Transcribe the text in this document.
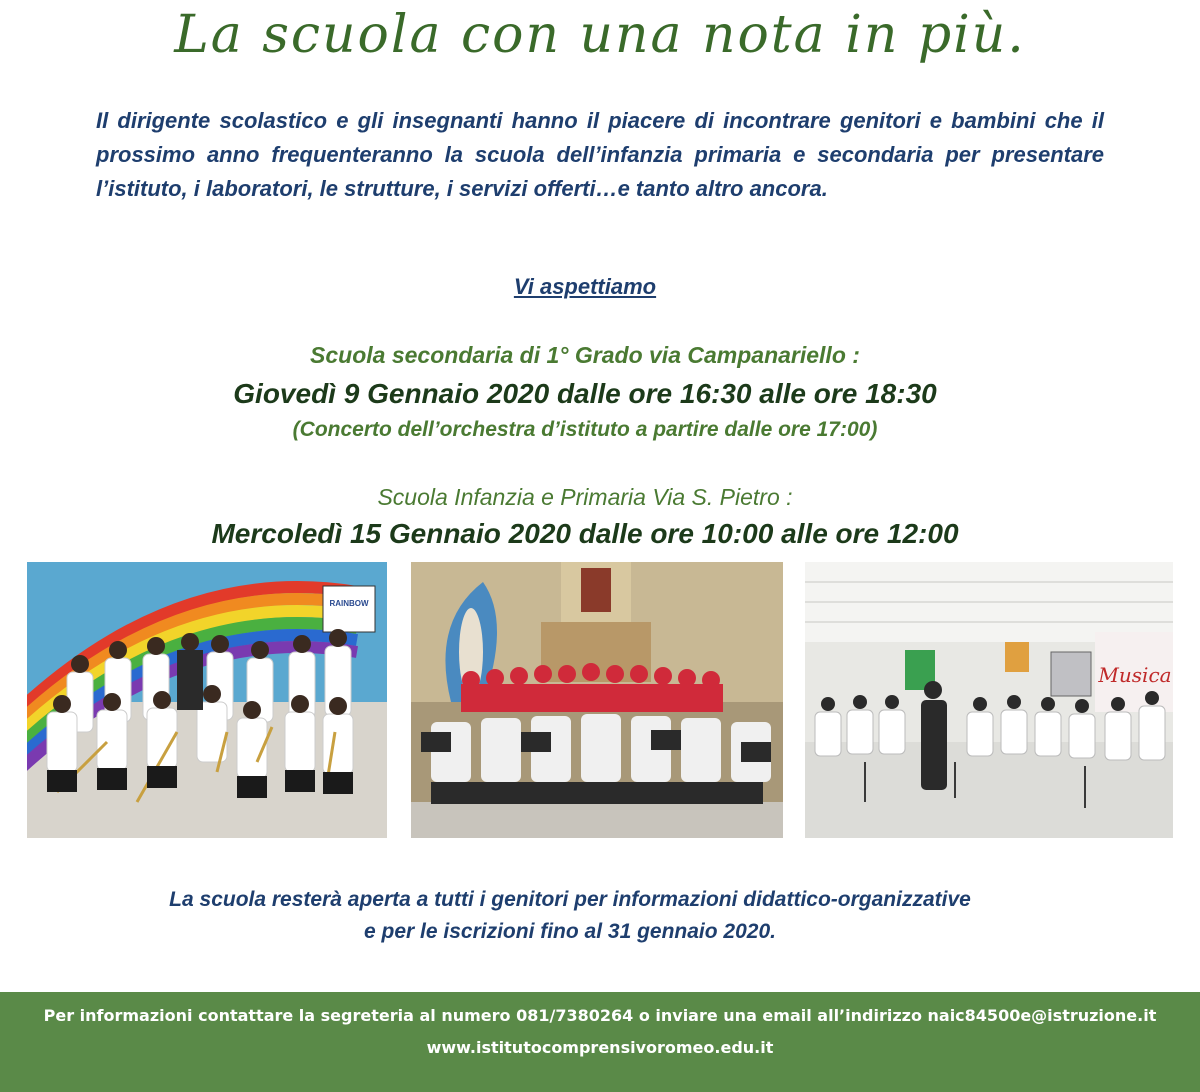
La scuola con una nota in più.
Il dirigente scolastico e gli insegnanti hanno il piacere di incontrare genitori e bambini che il prossimo anno frequenteranno la scuola dell’infanzia primaria e secondaria per presentare l’istituto, i laboratori, le strutture, i servizi offerti…e tanto altro ancora.
Vi aspettiamo
Scuola secondaria di 1° Grado via Campanariello :
Giovedì 9 Gennaio 2020 dalle ore 16:30 alle ore 18:30
(Concerto dell’orchestra d’istituto a partire dalle ore 17:00)
Scuola Infanzia e Primaria Via S. Pietro :
Mercoledì 15 Gennaio 2020 dalle ore 10:00 alle ore 12:00
RAINBOW
Musica
La scuola resterà aperta a tutti i genitori per informazioni didattico-organizzative
e per le iscrizioni fino al 31 gennaio 2020.
Per informazioni contattare la segreteria al numero 081/7380264 o inviare una email all’indirizzo naic84500e@istruzione.it
www.istitutocomprensivoromeo.edu.it
